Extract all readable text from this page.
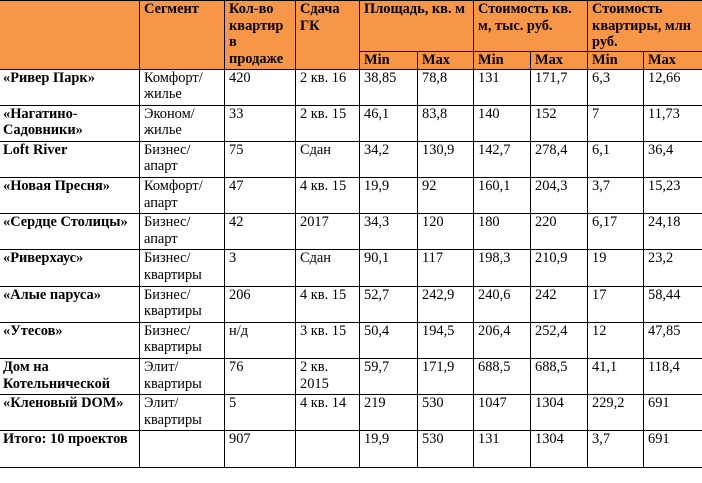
	Сегмент	Кол-во квартир в продаже	Сдача ГК	Площадь, кв. м		Стоимость кв. м, тыс. руб.		Стоимость квартиры, млн руб.	
				Min	Max	Min	Max	Min	Max
«Ривер Парк»	Комфорт/ жилье	420	2 кв. 16	38,85	78,8	131	171,7	6,3	12,66
«Нагатино-Садовники»	Эконом/ жилье	33	2 кв. 15	46,1	83,8	140	152	7	11,73
Loft River	Бизнес/ апарт	75	Сдан	34,2	130,9	142,7	278,4	6,1	36,4
«Новая Пресня»	Комфорт/ апарт	47	4 кв. 15	19,9	92	160,1	204,3	3,7	15,23
«Сердце Столицы»	Бизнес/ апарт	42	2017	34,3	120	180	220	6,17	24,18
«Риверхаус»	Бизнес/ квартиры	3	Сдан	90,1	117	198,3	210,9	19	23,2
«Алые паруса»	Бизнес/ квартиры	206	4 кв. 15	52,7	242,9	240,6	242	17	58,44
«Утесов»	Бизнес/ квартиры	н/д	3 кв. 15	50,4	194,5	206,4	252,4	12	47,85
Дом на Котельнической	Элит/ квартиры	76	2 кв. 2015	59,7	171,9	688,5	688,5	41,1	118,4
«Кленовый DOM»	Элит/ квартиры	5	4 кв. 14	219	530	1047	1304	229,2	691
Итого: 10 проектов		907		19,9	530	131	1304	3,7	691
